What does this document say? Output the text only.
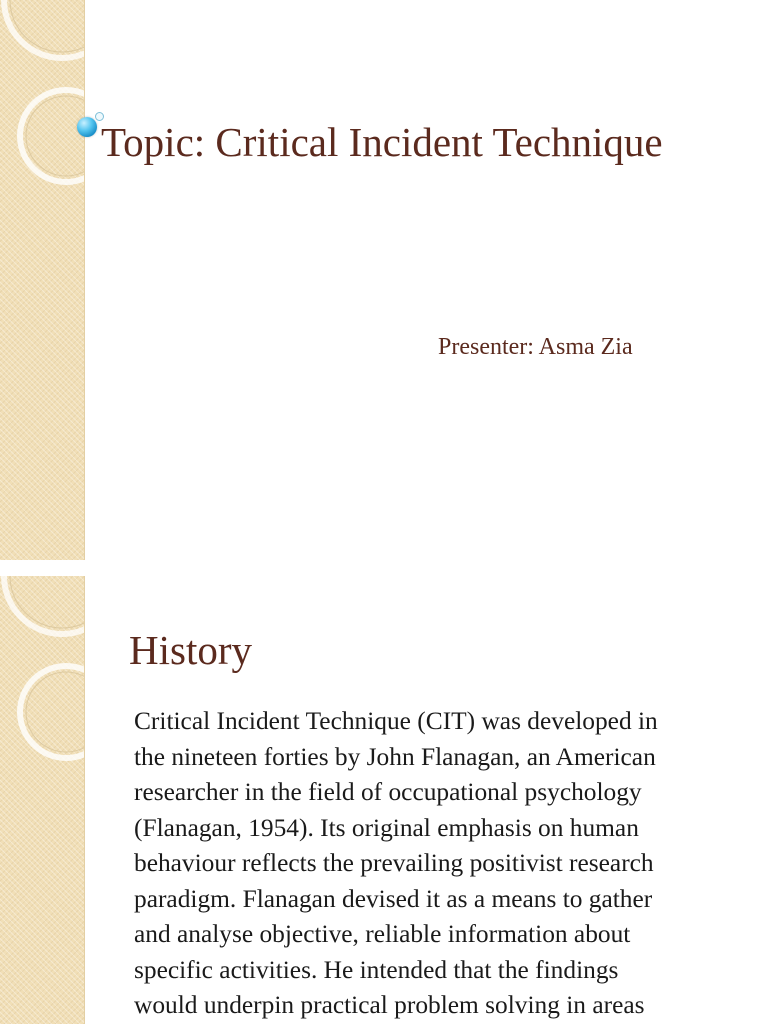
Topic: Critical Incident Technique

Presenter: Asma Zia

History

Critical Incident Technique (CIT) was developed in
the nineteen forties by John Flanagan, an American
researcher in the field of occupational psychology
(Flanagan, 1954). Its original emphasis on human
behaviour reflects the prevailing positivist research
paradigm. Flanagan devised it as a means to gather
and analyse objective, reliable information about
specific activities. He intended that the findings
would underpin practical problem solving in areas
